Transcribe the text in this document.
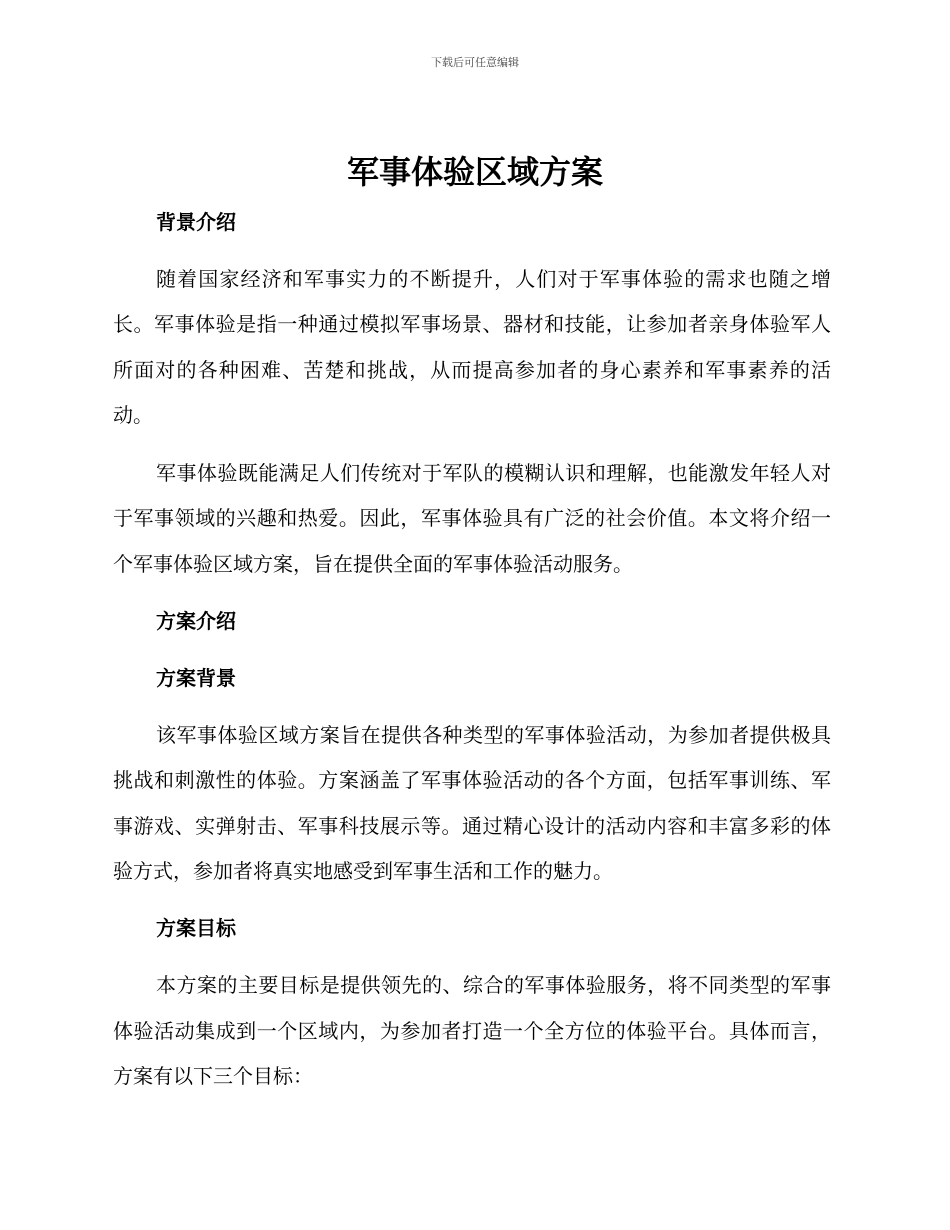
下载后可任意编辑
军事体验区域方案
背景介绍

随着国家经济和军事实力的不断提升，人们对于军事体验的需求也随之增长。军事体验是指一种通过模拟军事场景、器材和技能，让参加者亲身体验军人所面对的各种困难、苦楚和挑战，从而提高参加者的身心素养和军事素养的活动。

军事体验既能满足人们传统对于军队的模糊认识和理解，也能激发年轻人对于军事领域的兴趣和热爱。因此，军事体验具有广泛的社会价值。本文将介绍一个军事体验区域方案，旨在提供全面的军事体验活动服务。

方案介绍
方案背景

该军事体验区域方案旨在提供各种类型的军事体验活动，为参加者提供极具挑战和刺激性的体验。方案涵盖了军事体验活动的各个方面，包括军事训练、军事游戏、实弹射击、军事科技展示等。通过精心设计的活动内容和丰富多彩的体验方式，参加者将真实地感受到军事生活和工作的魅力。

方案目标

本方案的主要目标是提供领先的、综合的军事体验服务，将不同类型的军事体验活动集成到一个区域内，为参加者打造一个全方位的体验平台。具体而言，方案有以下三个目标：
